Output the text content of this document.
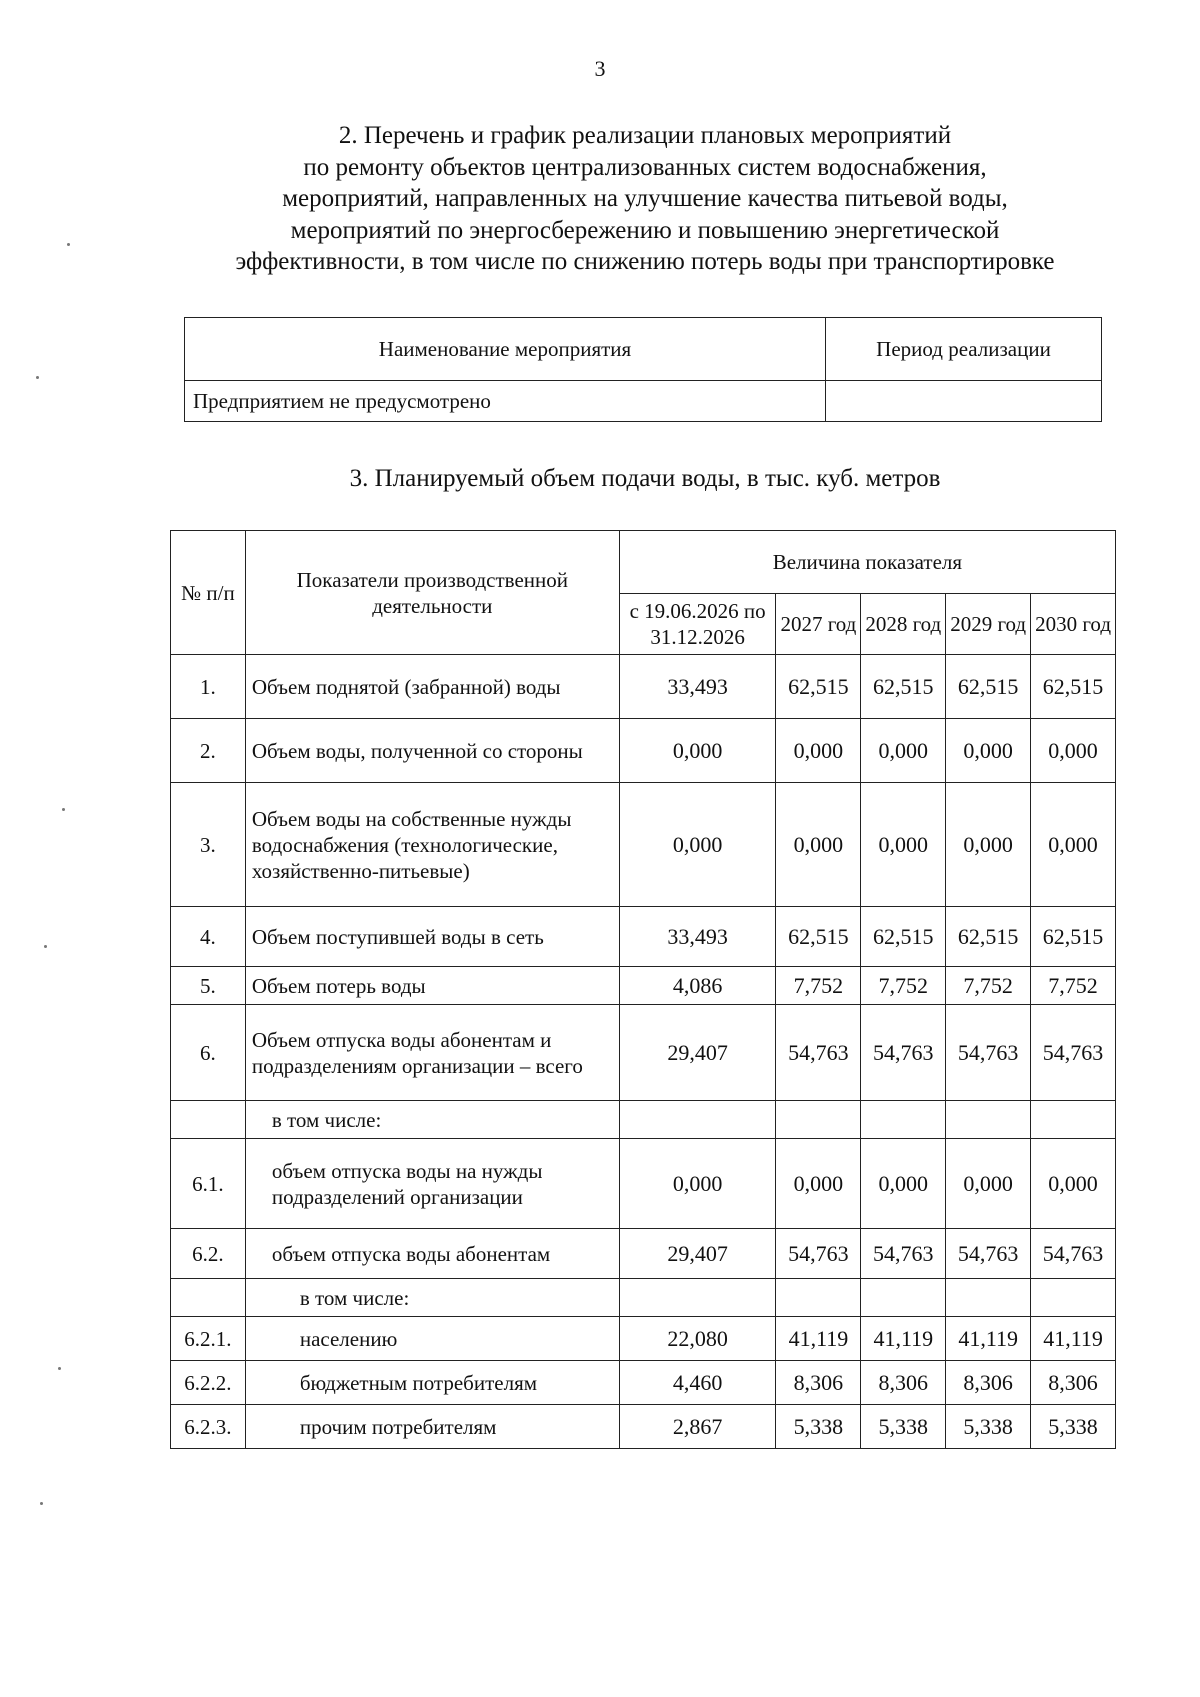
3
2. Перечень и график реализации плановых мероприятий
по ремонту объектов централизованных систем водоснабжения,
мероприятий, направленных на улучшение качества питьевой воды,
мероприятий по энергосбережению и повышению энергетической
эффективности, в том числе по снижению потерь воды при транспортировке
Наименование мероприятия	Период реализации
Предприятием не предусмотрено	
3. Планируемый объем подачи воды, в тыс. куб. метров
№ п/п	Показатели производственной деятельности	Величина показателя				
		с 19.06.2026 по 31.12.2026	2027 год	2028 год	2029 год	2030 год
1.	Объем поднятой (забранной) воды	33,493	62,515	62,515	62,515	62,515
2.	Объем воды, полученной со стороны	0,000	0,000	0,000	0,000	0,000
3.	Объем воды на собственные нужды водоснабжения (технологические, хозяйственно-питьевые)	0,000	0,000	0,000	0,000	0,000
4.	Объем поступившей воды в сеть	33,493	62,515	62,515	62,515	62,515
5.	Объем потерь воды	4,086	7,752	7,752	7,752	7,752
6.	Объем отпуска воды абонентам и подразделениям организации – всего	29,407	54,763	54,763	54,763	54,763
	в том числе:					
6.1.	объем отпуска воды на нужды подразделений организации	0,000	0,000	0,000	0,000	0,000
6.2.	объем отпуска воды абонентам	29,407	54,763	54,763	54,763	54,763
	в том числе:					
6.2.1.	населению	22,080	41,119	41,119	41,119	41,119
6.2.2.	бюджетным потребителям	4,460	8,306	8,306	8,306	8,306
6.2.3.	прочим потребителям	2,867	5,338	5,338	5,338	5,338
